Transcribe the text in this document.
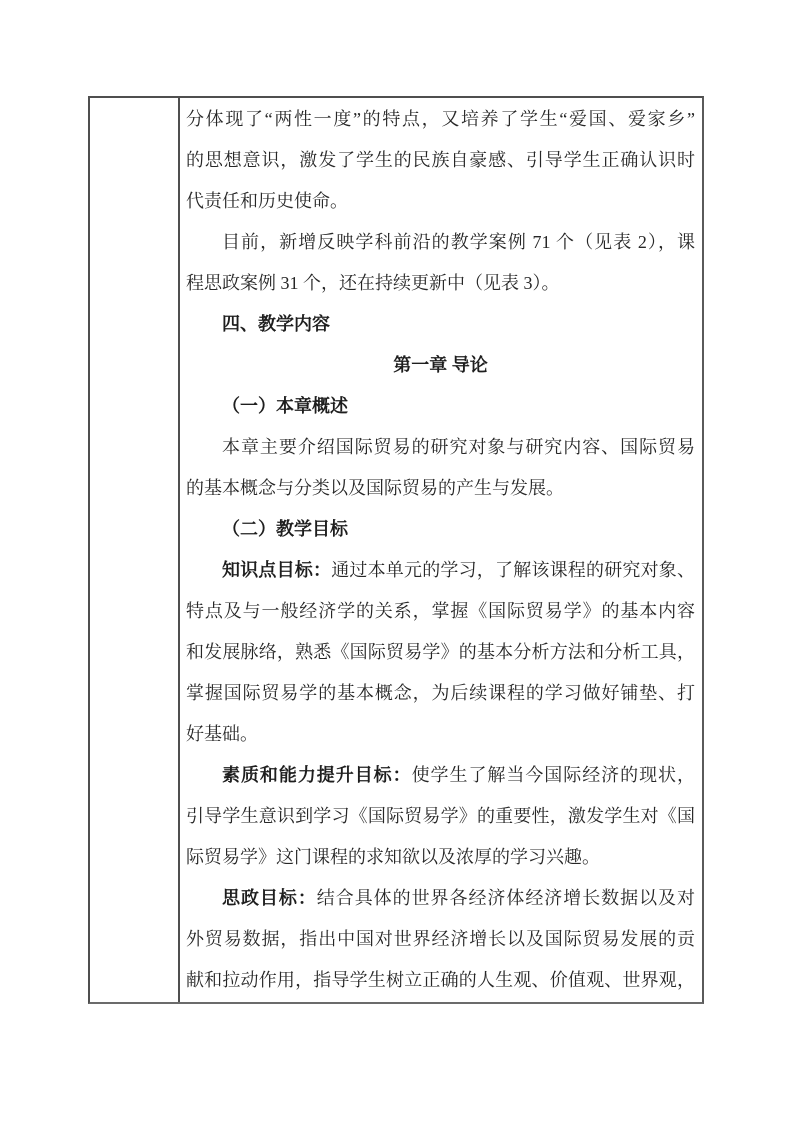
分体现了“两性一度”的特点，又培养了学生“爱国、爱家乡”
的思想意识，激发了学生的民族自豪感、引导学生正确认识时
代责任和历史使命。
目前，新增反映学科前沿的教学案例 71 个（见表 2），课
程思政案例 31 个，还在持续更新中（见表 3）。
四、教学内容
第一章 导论
（一）本章概述
本章主要介绍国际贸易的研究对象与研究内容、国际贸易
的基本概念与分类以及国际贸易的产生与发展。
（二）教学目标
知识点目标：通过本单元的学习，了解该课程的研究对象、
特点及与一般经济学的关系，掌握《国际贸易学》的基本内容
和发展脉络，熟悉《国际贸易学》的基本分析方法和分析工具，
掌握国际贸易学的基本概念，为后续课程的学习做好铺垫、打
好基础。
素质和能力提升目标：使学生了解当今国际经济的现状，
引导学生意识到学习《国际贸易学》的重要性，激发学生对《国
际贸易学》这门课程的求知欲以及浓厚的学习兴趣。
思政目标：结合具体的世界各经济体经济增长数据以及对
外贸易数据，指出中国对世界经济增长以及国际贸易发展的贡
献和拉动作用，指导学生树立正确的人生观、价值观、世界观，
